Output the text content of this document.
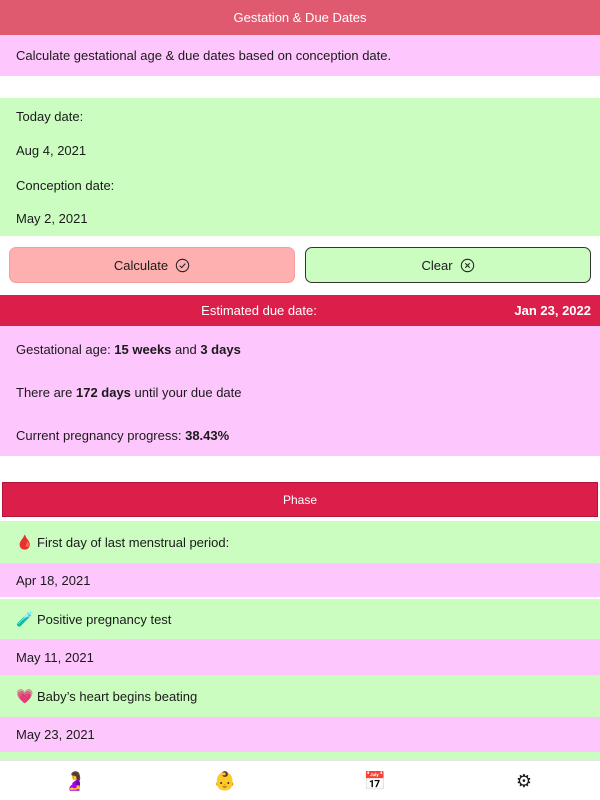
Gestation & Due Dates
Calculate gestational age & due dates based on conception date.
Today date:
Aug 4, 2021
Conception date:
May 2, 2021
Calculate	Clear
Estimated due date:	Jan 23, 2022
Gestational age: 15 weeks and 3 days
There are 172 days until your due date
Current pregnancy progress: 38.43%
Phase
🩸 First day of last menstrual period:
Apr 18, 2021
🧪 Positive pregnancy test
May 11, 2021
💗 Baby’s heart begins beating
May 23, 2021
🤰	👶	📅	⚙
